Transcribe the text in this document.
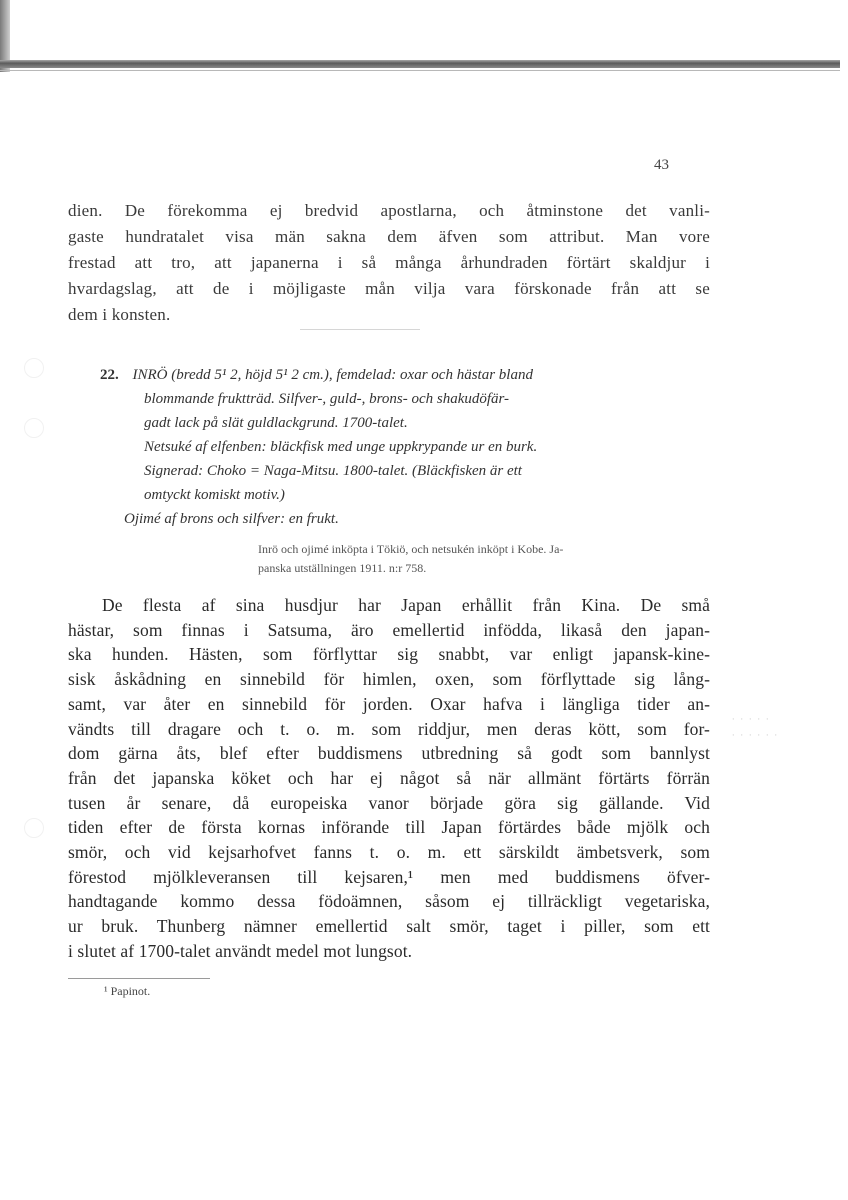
43
dien. De förekomma ej bredvid apostlarna, och åtminstone det vanli-
gaste hundratalet visa män sakna dem äfven som attribut. Man vore
frestad att tro, att japanerna i så många århundraden förtärt skaldjur i
hvardagslag, att de i möjligaste mån vilja vara förskonade från att se
dem i konsten.
22. INRÖ (bredd 5¹ 2, höjd 5¹ 2 cm.), femdelad: oxar och hästar bland
blommande fruktträd. Silfver-, guld-, brons- och shakudöfär-
gadt lack på slät guldlackgrund. 1700-talet.
Netsuké af elfenben: bläckfisk med unge uppkrypande ur en burk.
Signerad: Choko = Naga-Mitsu. 1800-talet. (Bläckfisken är ett
omtyckt komiskt motiv.)
Ojimé af brons och silfver: en frukt.
Inrö och ojimé inköpta i Tökiö, och netsukén inköpt i Kobe. Ja-
panska utställningen 1911. n:r 758.
De flesta af sina husdjur har Japan erhållit från Kina. De små
hästar, som finnas i Satsuma, äro emellertid infödda, likaså den japan-
ska hunden. Hästen, som förflyttar sig snabbt, var enligt japansk-kine-
sisk åskådning en sinnebild för himlen, oxen, som förflyttade sig lång-
samt, var åter en sinnebild för jorden. Oxar hafva i längliga tider an-
vändts till dragare och t. o. m. som riddjur, men deras kött, som for-
dom gärna åts, blef efter buddismens utbredning så godt som bannlyst
från det japanska köket och har ej något så när allmänt förtärts förrän
tusen år senare, då europeiska vanor började göra sig gällande. Vid
tiden efter de första kornas införande till Japan förtärdes både mjölk och
smör, och vid kejsarhofvet fanns t. o. m. ett särskildt ämbetsverk, som
förestod mjölkleveransen till kejsaren,¹ men med buddismens öfver-
handtagande kommo dessa födoämnen, såsom ej tillräckligt vegetariska,
ur bruk. Thunberg nämner emellertid salt smör, taget i piller, som ett
i slutet af 1700-talet användt medel mot lungsot.
¹ Papinot.
· · · · ·
· · · · · ·
